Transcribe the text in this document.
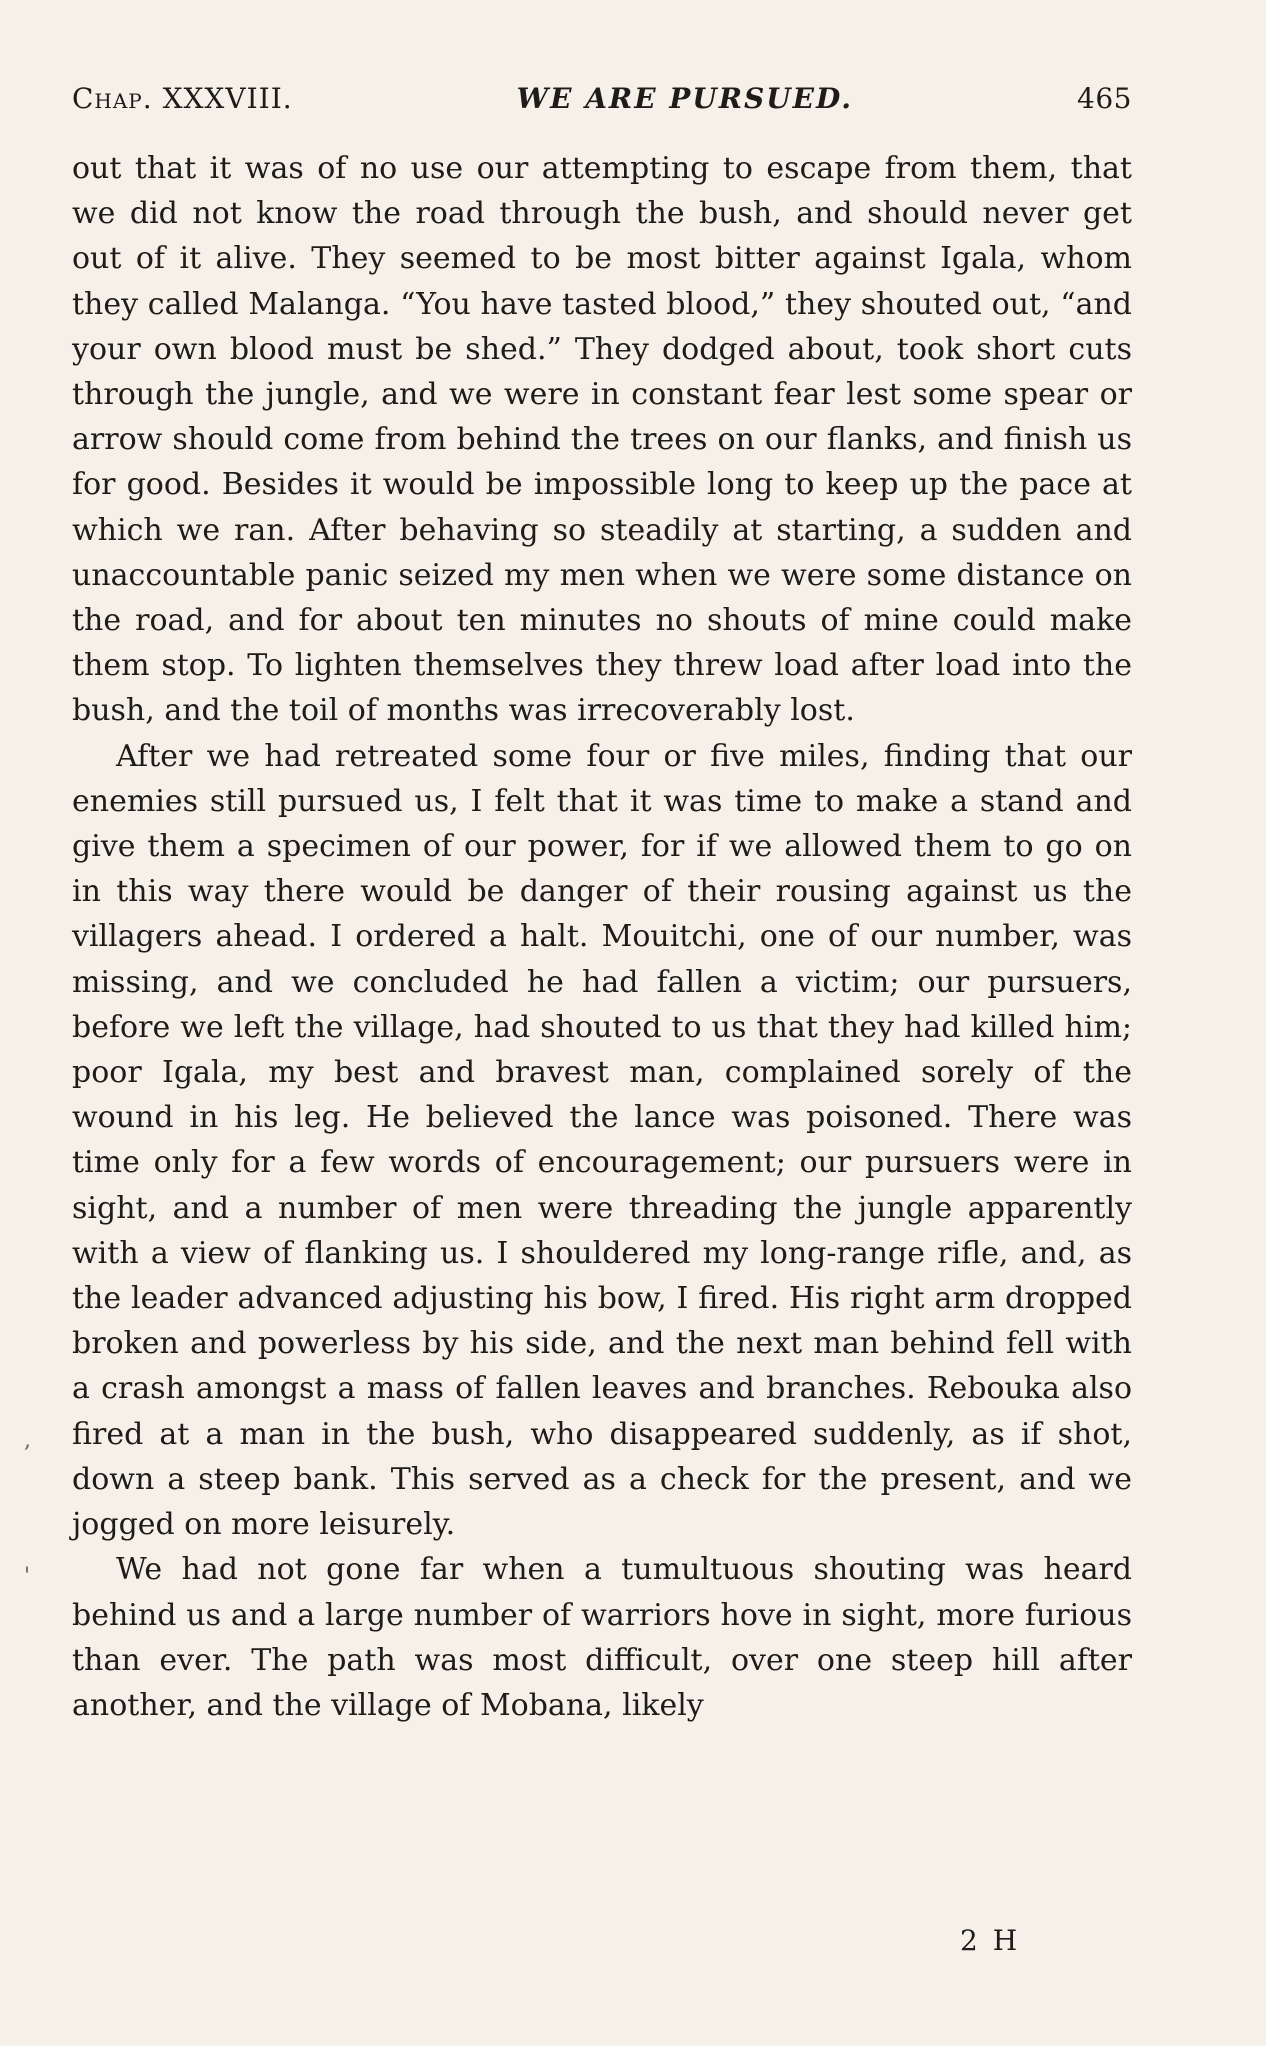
Chap. XXXVIII.	WE ARE PURSUED.	465

out that it was of no use our attempting to escape from them, that we did not know the road through the bush, and should never get out of it alive. They seemed to be most bitter against Igala, whom they called Malanga. “You have tasted blood,” they shouted out, “and your own blood must be shed.” They dodged about, took short cuts through the jungle, and we were in constant fear lest some spear or arrow should come from behind the trees on our flanks, and finish us for good. Besides it would be impossible long to keep up the pace at which we ran. After behaving so steadily at starting, a sudden and unaccountable panic seized my men when we were some distance on the road, and for about ten minutes no shouts of mine could make them stop. To lighten themselves they threw load after load into the bush, and the toil of months was irrecoverably lost.

After we had retreated some four or five miles, finding that our enemies still pursued us, I felt that it was time to make a stand and give them a specimen of our power, for if we allowed them to go on in this way there would be danger of their rousing against us the villagers ahead. I ordered a halt. Mouitchi, one of our number, was missing, and we concluded he had fallen a victim; our pursuers, before we left the village, had shouted to us that they had killed him; poor Igala, my best and bravest man, complained sorely of the wound in his leg. He believed the lance was poisoned. There was time only for a few words of encouragement; our pursuers were in sight, and a number of men were threading the jungle apparently with a view of flanking us. I shouldered my long-range rifle, and, as the leader advanced adjusting his bow, I fired. His right arm dropped broken and powerless by his side, and the next man behind fell with a crash amongst a mass of fallen leaves and branches. Rebouka also fired at a man in the bush, who disappeared suddenly, as if shot, down a steep bank. This served as a check for the present, and we jogged on more leisurely.

We had not gone far when a tumultuous shouting was heard behind us and a large number of warriors hove in sight, more furious than ever. The path was most difficult, over one steep hill after another, and the village of Mobana, likely

,
'
2 H
